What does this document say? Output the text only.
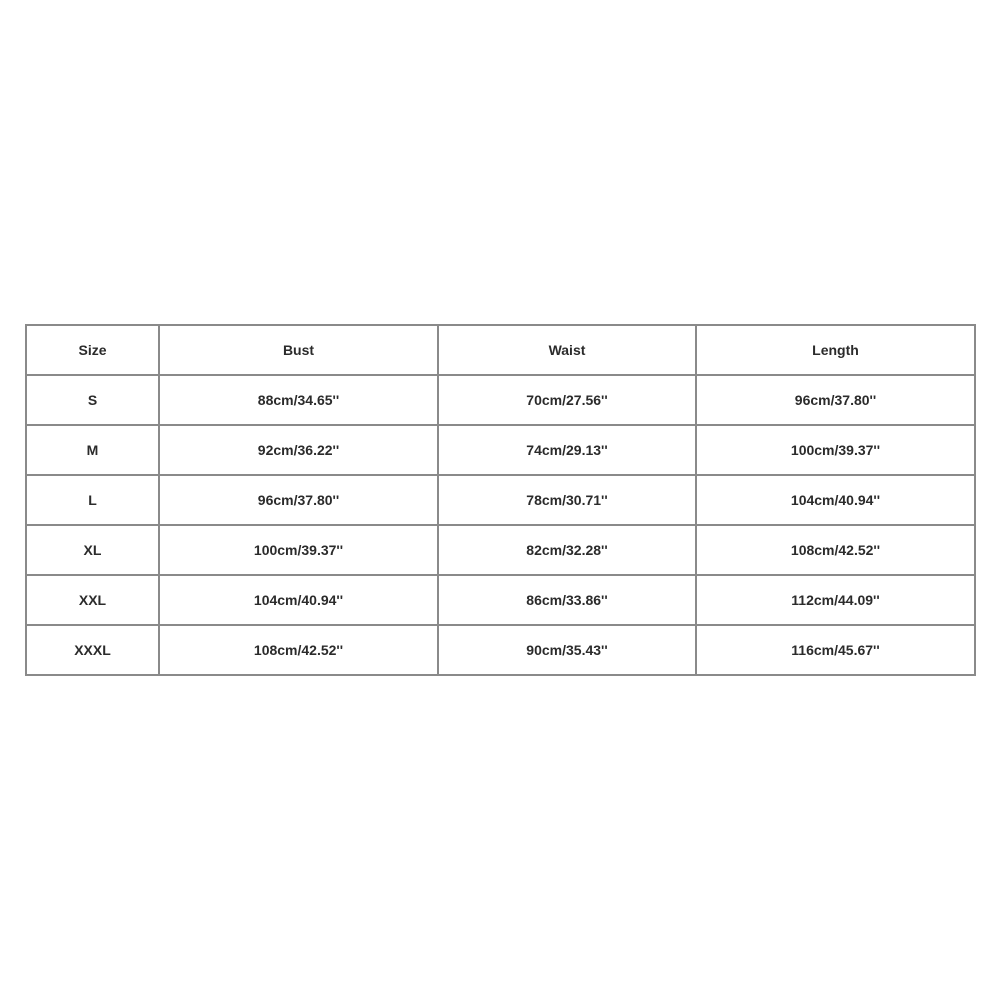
Size	Bust	Waist	Length
S	88cm/34.65''	70cm/27.56''	96cm/37.80''
M	92cm/36.22''	74cm/29.13''	100cm/39.37''
L	96cm/37.80''	78cm/30.71''	104cm/40.94''
XL	100cm/39.37''	82cm/32.28''	108cm/42.52''
XXL	104cm/40.94''	86cm/33.86''	112cm/44.09''
XXXL	108cm/42.52''	90cm/35.43''	116cm/45.67''
